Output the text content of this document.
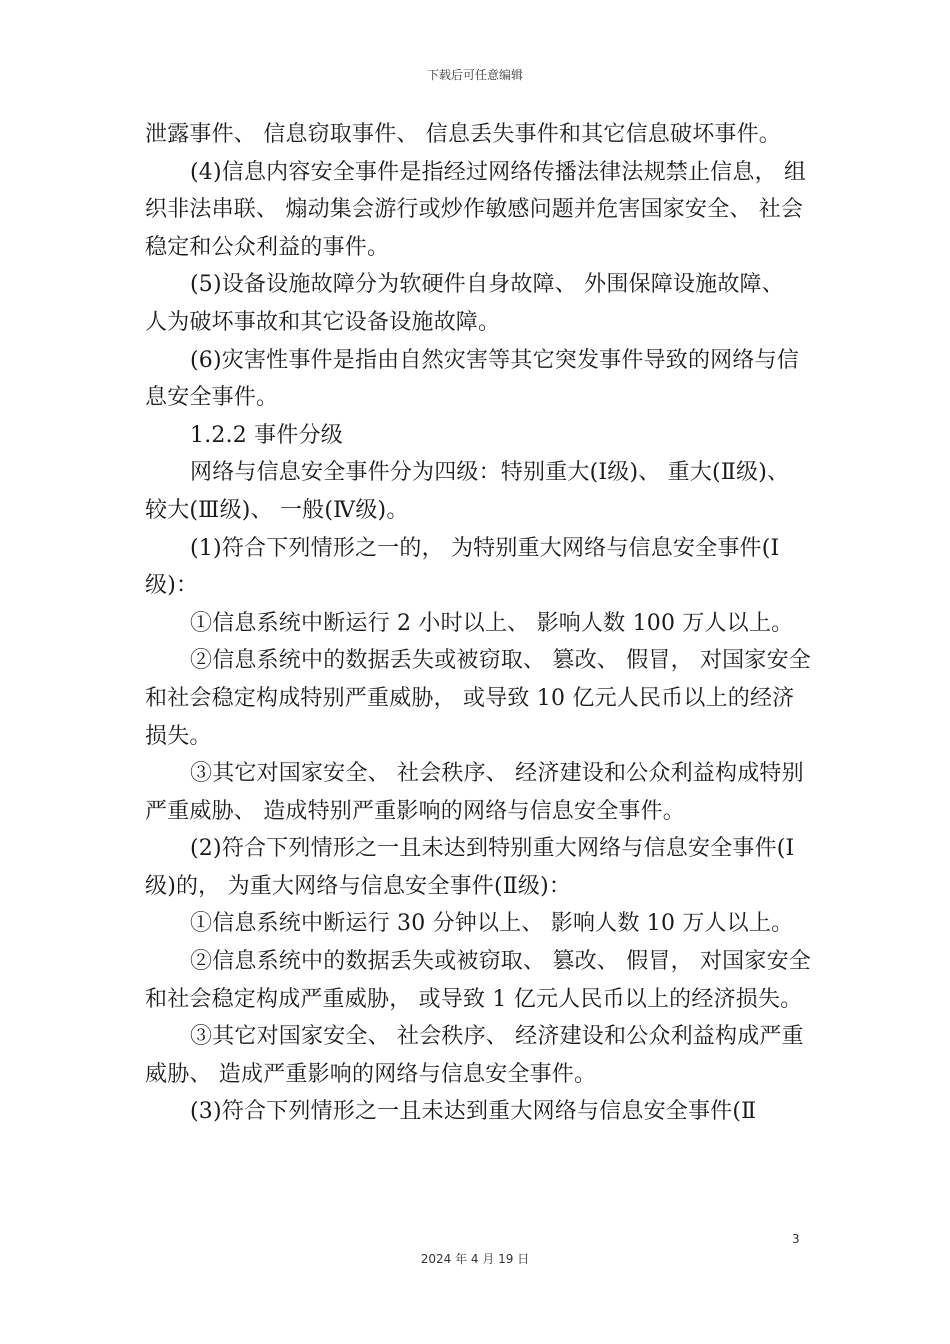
下载后可任意编辑

泄露事件、 信息窃取事件、 信息丢失事件和其它信息破坏事件。

(4)信息内容安全事件是指经过网络传播法律法规禁止信息， 组织非法串联、 煽动集会游行或炒作敏感问题并危害国家安全、 社会稳定和公众利益的事件。

(5)设备设施故障分为软硬件自身故障、 外围保障设施故障、 人为破坏事故和其它设备设施故障。

(6)灾害性事件是指由自然灾害等其它突发事件导致的网络与信息安全事件。

1.2.2 事件分级

网络与信息安全事件分为四级：特别重大(Ⅰ级)、 重大(Ⅱ级)、 较大(Ⅲ级)、 一般(Ⅳ级)。

(1)符合下列情形之一的， 为特别重大网络与信息安全事件(Ⅰ级)：

①信息系统中断运行 2 小时以上、 影响人数 100 万人以上。

②信息系统中的数据丢失或被窃取、 篡改、 假冒， 对国家安全和社会稳定构成特别严重威胁， 或导致 10 亿元人民币以上的经济损失。

③其它对国家安全、 社会秩序、 经济建设和公众利益构成特别严重威胁、 造成特别严重影响的网络与信息安全事件。

(2)符合下列情形之一且未达到特别重大网络与信息安全事件(Ⅰ级)的， 为重大网络与信息安全事件(Ⅱ级)：

①信息系统中断运行 30 分钟以上、 影响人数 10 万人以上。

②信息系统中的数据丢失或被窃取、 篡改、 假冒， 对国家安全和社会稳定构成严重威胁， 或导致 1 亿元人民币以上的经济损失。

③其它对国家安全、 社会秩序、 经济建设和公众利益构成严重威胁、 造成严重影响的网络与信息安全事件。

(3)符合下列情形之一且未达到重大网络与信息安全事件(Ⅱ

3
2024 年 4 月 19 日
